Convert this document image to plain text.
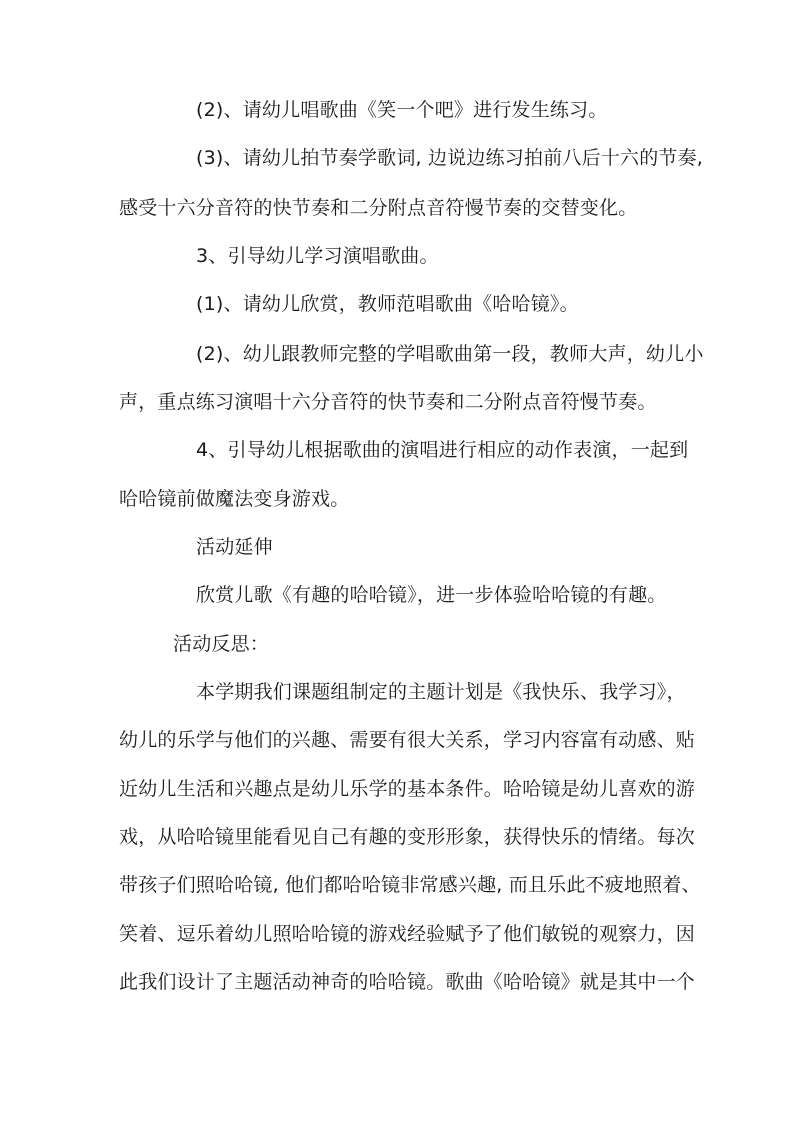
(2)、请幼儿唱歌曲《笑一个吧》进行发生练习。
(3)、请幼儿拍节奏学歌词, 边说边练习拍前八后十六的节奏,
感受十六分音符的快节奏和二分附点音符慢节奏的交替变化。
3、引导幼儿学习演唱歌曲。
(1)、请幼儿欣赏，教师范唱歌曲《哈哈镜》。
(2)、幼儿跟教师完整的学唱歌曲第一段，教师大声，幼儿小
声，重点练习演唱十六分音符的快节奏和二分附点音符慢节奏。
4、引导幼儿根据歌曲的演唱进行相应的动作表演，一起到
哈哈镜前做魔法变身游戏。
活动延伸
欣赏儿歌《有趣的哈哈镜》，进一步体验哈哈镜的有趣。
活动反思：
本学期我们课题组制定的主题计划是《我快乐、我学习》，
幼儿的乐学与他们的兴趣、需要有很大关系，学习内容富有动感、贴
近幼儿生活和兴趣点是幼儿乐学的基本条件。哈哈镜是幼儿喜欢的游
戏，从哈哈镜里能看见自己有趣的变形形象，获得快乐的情绪。每次
带孩子们照哈哈镜, 他们都哈哈镜非常感兴趣, 而且乐此不疲地照着、
笑着、逗乐着幼儿照哈哈镜的游戏经验赋予了他们敏锐的观察力，因
此我们设计了主题活动神奇的哈哈镜。歌曲《哈哈镜》就是其中一个
